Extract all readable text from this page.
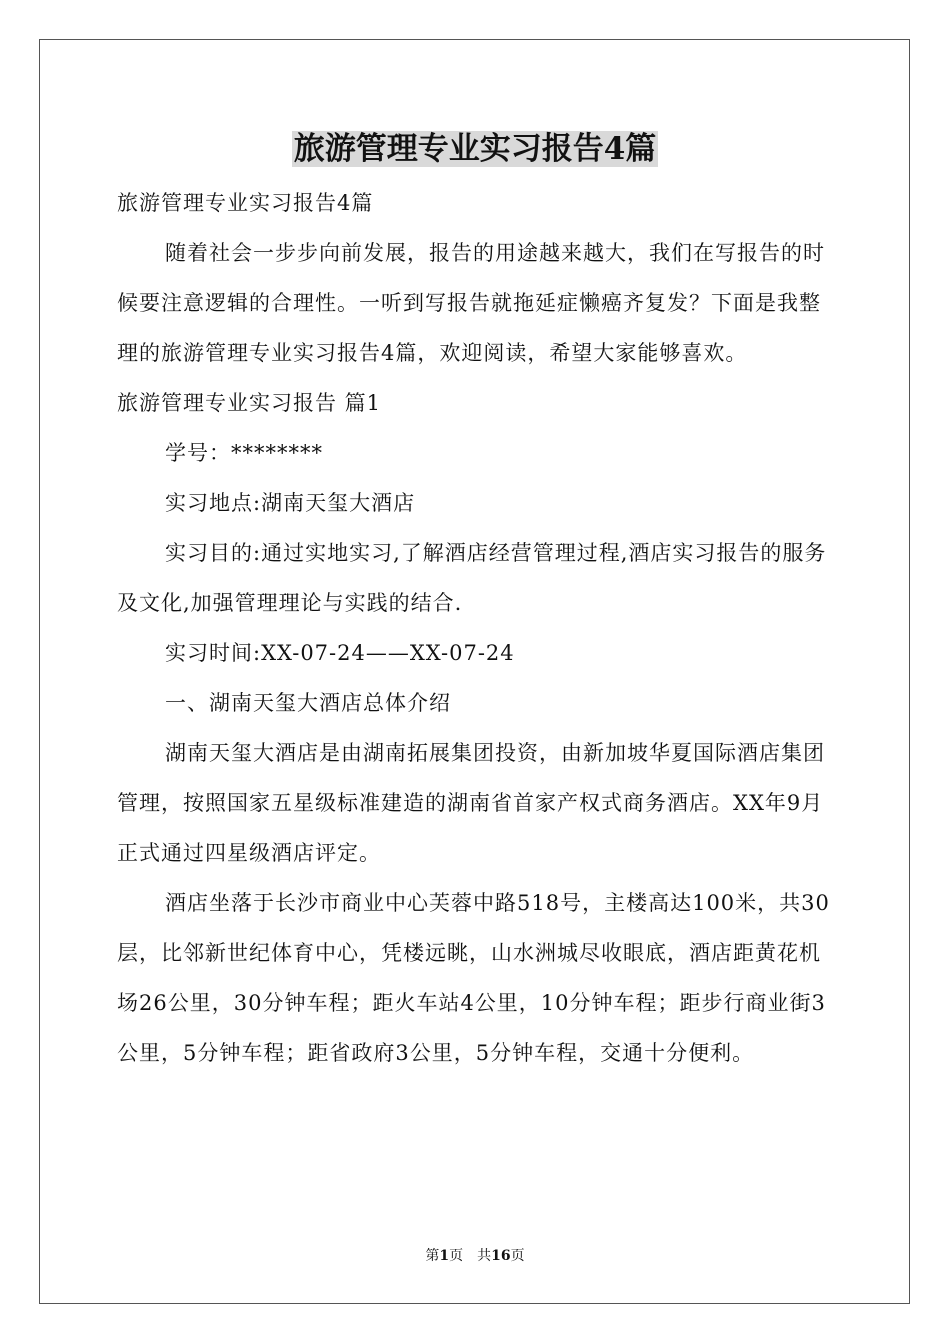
旅游管理专业实习报告4篇

旅游管理专业实习报告4篇

随着社会一步步向前发展，报告的用途越来越大，我们在写报告的时候要注意逻辑的合理性。一听到写报告就拖延症懒癌齐复发？下面是我整理的旅游管理专业实习报告4篇，欢迎阅读，希望大家能够喜欢。

旅游管理专业实习报告 篇1

学号：********

实习地点:湖南天玺大酒店

实习目的:通过实地实习,了解酒店经营管理过程,酒店实习报告的服务及文化,加强管理理论与实践的结合.

实习时间:XX-07-24——XX-07-24

一、湖南天玺大酒店总体介绍

湖南天玺大酒店是由湖南拓展集团投资，由新加坡华夏国际酒店集团管理，按照国家五星级标准建造的湖南省首家产权式商务酒店。XX年9月正式通过四星级酒店评定。

酒店坐落于长沙市商业中心芙蓉中路518号，主楼高达100米，共30层，比邻新世纪体育中心，凭楼远眺，山水洲城尽收眼底，酒店距黄花机场26公里，30分钟车程；距火车站4公里，10分钟车程；距步行商业街3公里，5分钟车程；距省政府3公里，5分钟车程，交通十分便利。

第1页　共16页
